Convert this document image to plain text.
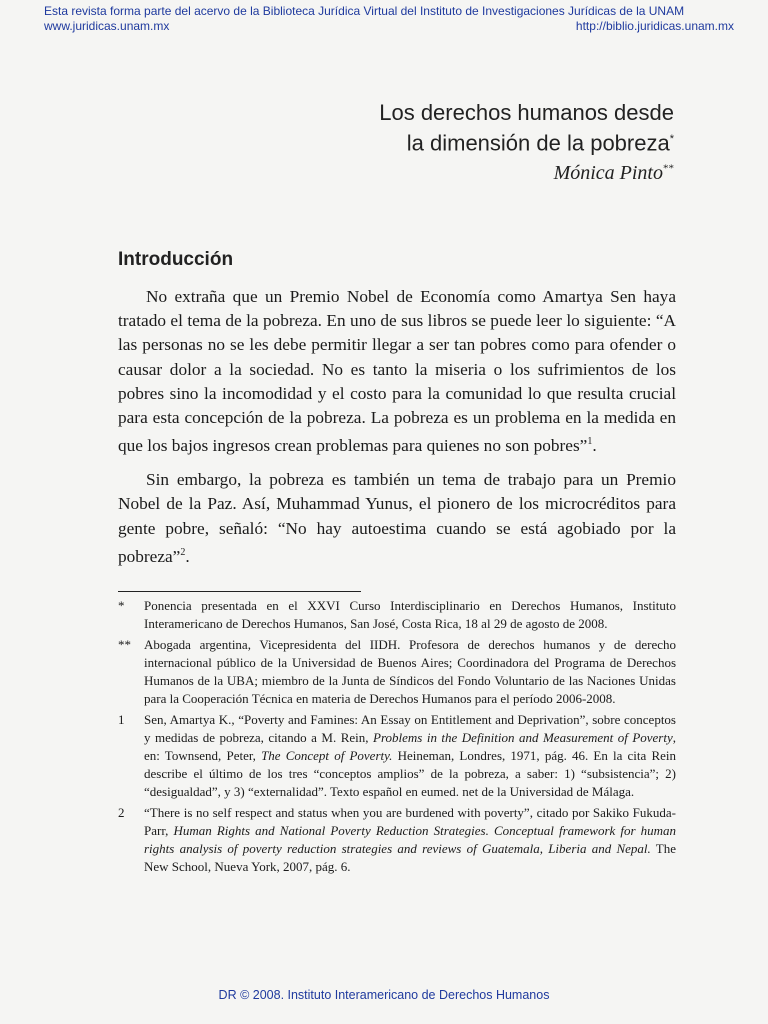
Esta revista forma parte del acervo de la Biblioteca Jurídica Virtual del Instituto de Investigaciones Jurídicas de la UNAM
www.juridicas.unam.mx	http://biblio.juridicas.unam.mx
Los derechos humanos desde
la dimensión de la pobreza*
Mónica Pinto**
Introducción

No extraña que un Premio Nobel de Economía como Amartya Sen haya tratado el tema de la pobreza. En uno de sus libros se puede leer lo siguiente: “A las personas no se les debe permitir llegar a ser tan pobres como para ofender o causar dolor a la sociedad. No es tanto la miseria o los sufrimientos de los pobres sino la incomodidad y el costo para la comunidad lo que resulta crucial para esta concepción de la pobreza. La pobreza es un problema en la medida en que los bajos ingresos crean problemas para quienes no son pobres”$^1$.

Sin embargo, la pobreza es también un tema de trabajo para un Premio Nobel de la Paz. Así, Muhammad Yunus, el pionero de los microcréditos para gente pobre, señaló: “No hay autoestima cuando se está agobiado por la pobreza”$^2$.

*	Ponencia presentada en el XXVI Curso Interdisciplinario en Derechos Humanos, Instituto Interamericano de Derechos Humanos, San José, Costa Rica, 18 al 29 de agosto de 2008.
**	Abogada argentina, Vicepresidenta del IIDH. Profesora de derechos humanos y de derecho internacional público de la Universidad de Buenos Aires; Coordinadora del Programa de Derechos Humanos de la UBA; miembro de la Junta de Síndicos del Fondo Voluntario de las Naciones Unidas para la Cooperación Técnica en materia de Derechos Humanos para el período 2006-2008.
1	Sen, Amartya K., “Poverty and Famines: An Essay on Entitlement and Deprivation”, sobre conceptos y medidas de pobreza, citando a M. Rein, Problems in the Definition and Measurement of Poverty, en: Townsend, Peter, The Concept of Poverty. Heineman, Londres, 1971, pág. 46. En la cita Rein describe el último de los tres “conceptos amplios” de la pobreza, a saber: 1) “subsistencia”; 2) “desigualdad”, y 3) “externalidad”. Texto español en eumed. net de la Universidad de Málaga.
2	“There is no self respect and status when you are burdened with poverty”, citado por Sakiko Fukuda-Parr, Human Rights and National Poverty Reduction Strategies. Conceptual framework for human rights analysis of poverty reduction strategies and reviews of Guatemala, Liberia and Nepal. The New School, Nueva York, 2007, pág. 6.
DR © 2008. Instituto Interamericano de Derechos Humanos
